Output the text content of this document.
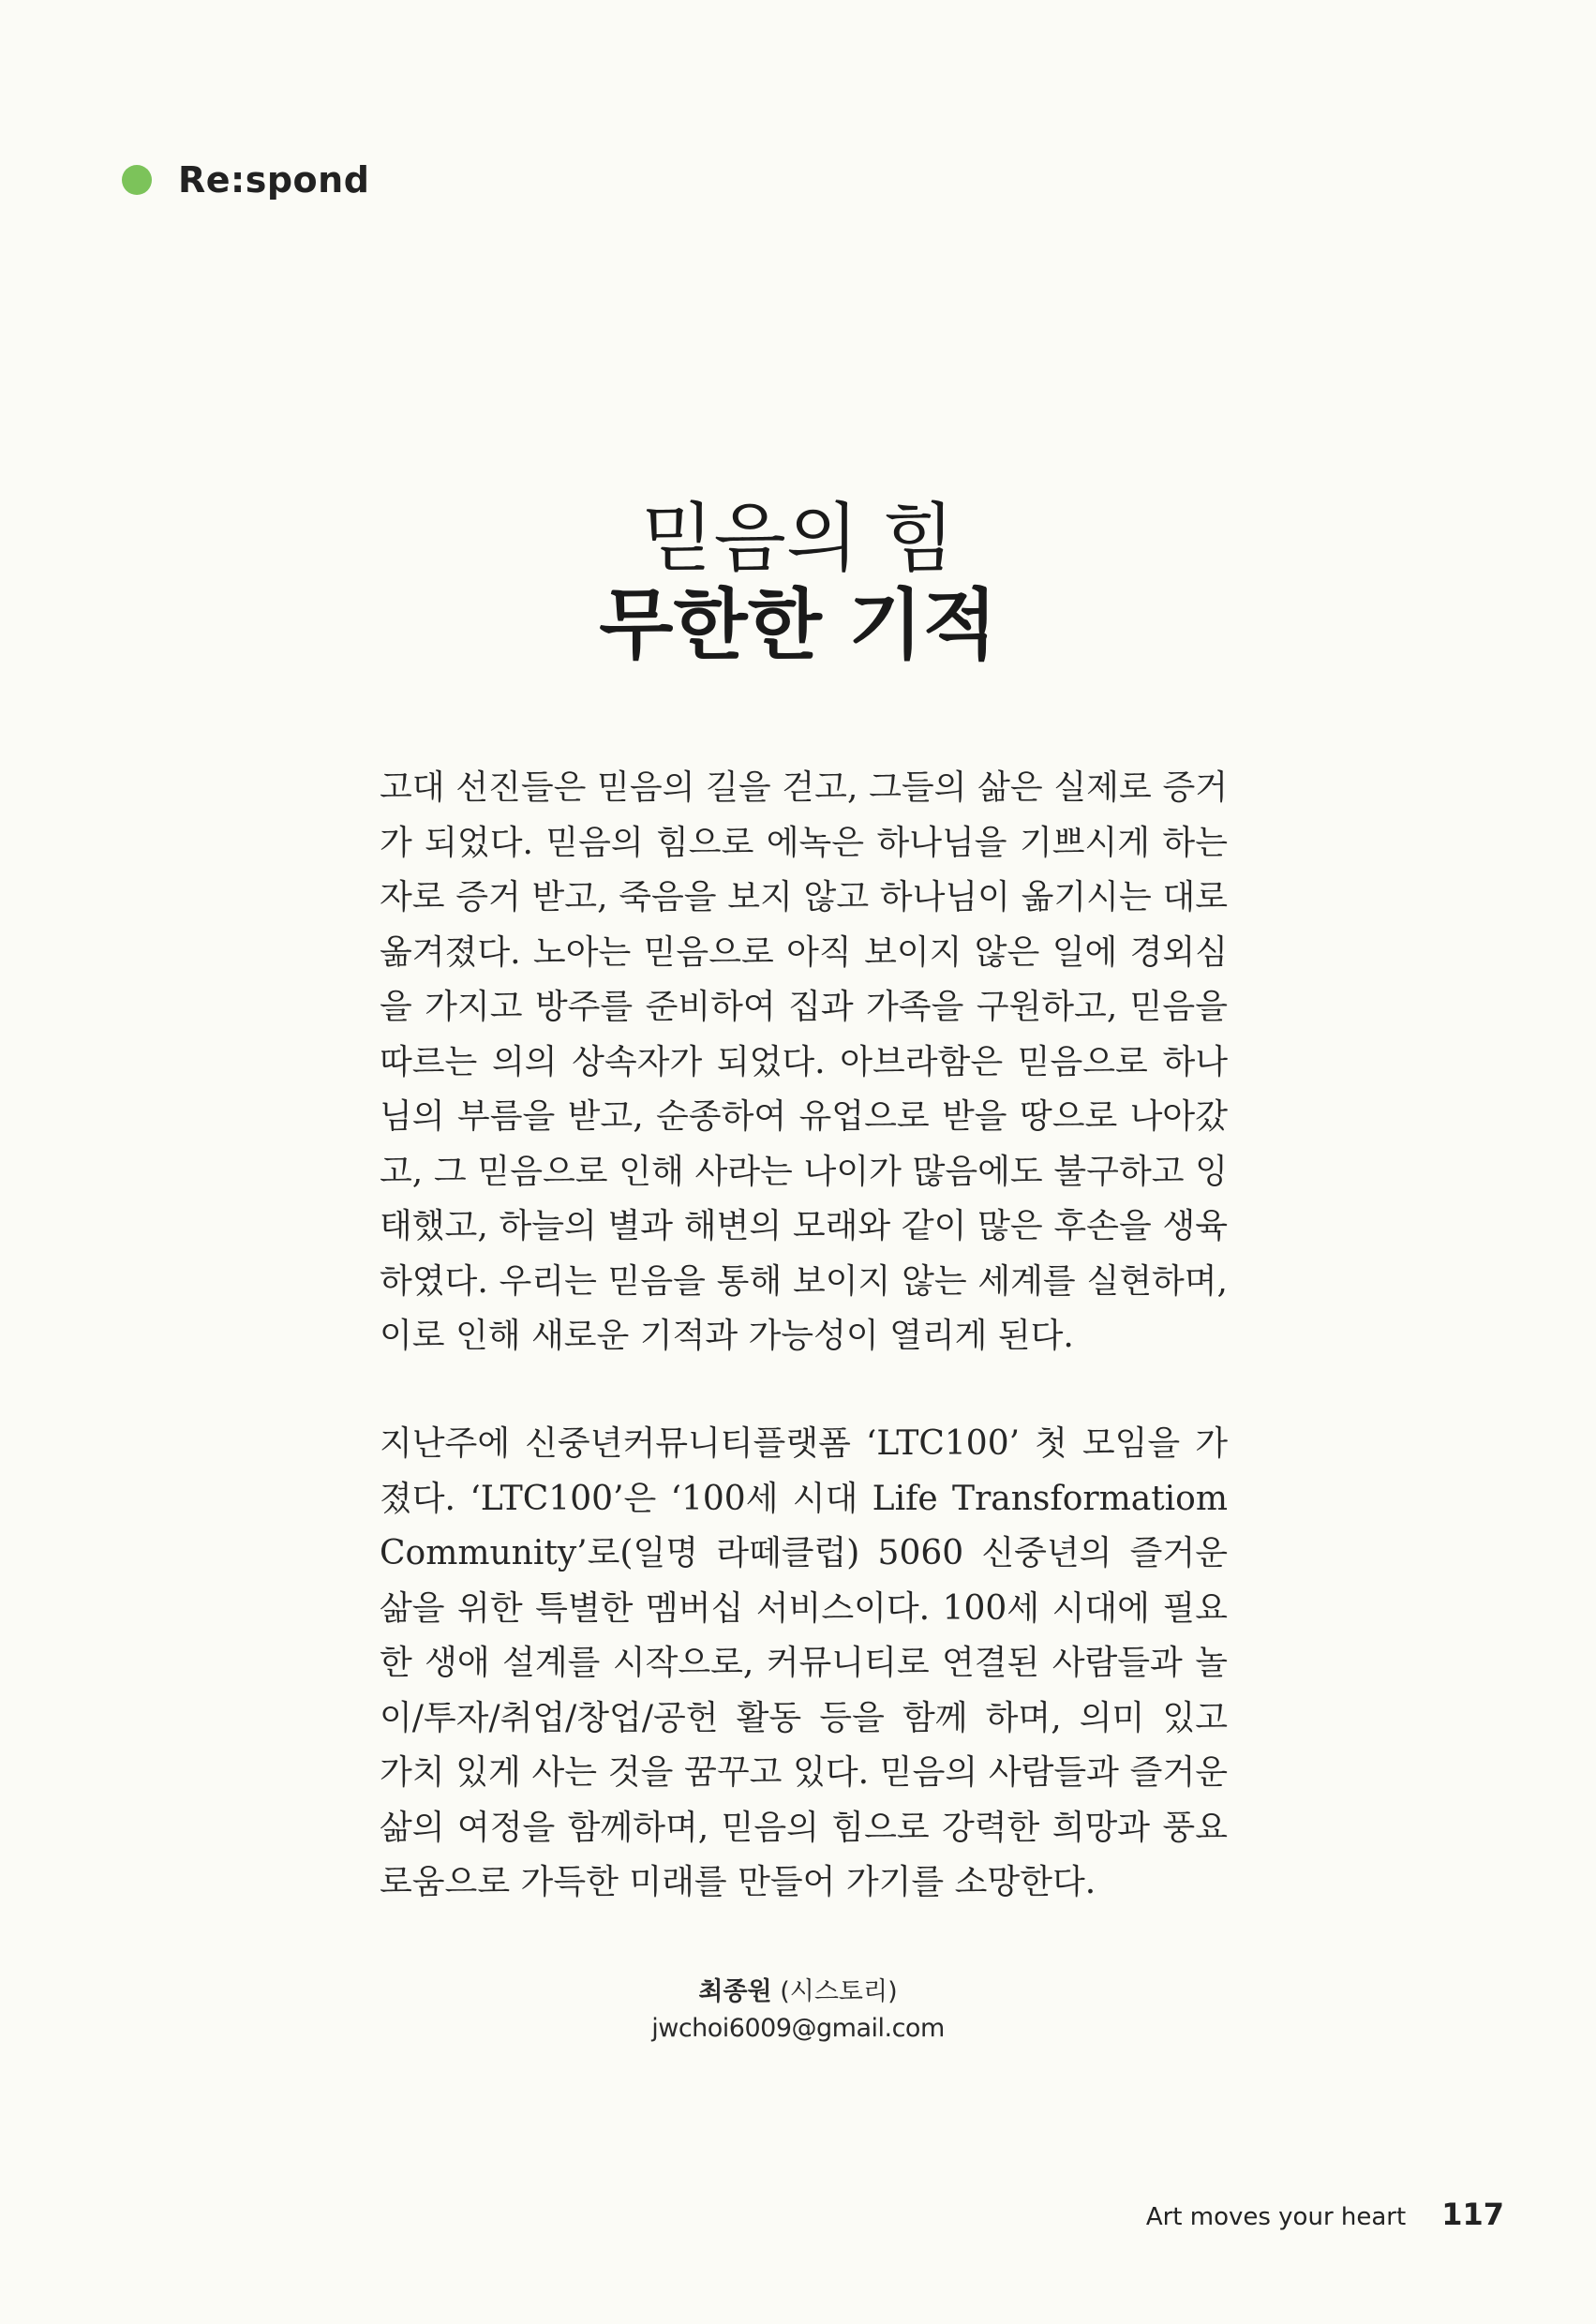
Re:spond
믿음의 힘
무한한 기적

고대 선진들은 믿음의 길을 걷고, 그들의 삶은 실제로 증거가 되었다. 믿음의 힘으로 에녹은 하나님을 기쁘시게 하는 자로 증거 받고, 죽음을 보지 않고 하나님이 옮기시는 대로 옮겨졌다. 노아는 믿음으로 아직 보이지 않은 일에 경외심을 가지고 방주를 준비하여 집과 가족을 구원하고, 믿음을 따르는 의의 상속자가 되었다. 아브라함은 믿음으로 하나님의 부름을 받고, 순종하여 유업으로 받을 땅으로 나아갔고, 그 믿음으로 인해 사라는 나이가 많음에도 불구하고 잉태했고, 하늘의 별과 해변의 모래와 같이 많은 후손을 생육하였다. 우리는 믿음을 통해 보이지 않는 세계를 실현하며, 이로 인해 새로운 기적과 가능성이 열리게 된다.

지난주에 신중년커뮤니티플랫폼 ‘LTC100’ 첫 모임을 가졌다. ‘LTC100’은 ‘100세 시대 Life Transformatiom Community’로(일명 라떼클럽) 5060 신중년의 즐거운 삶을 위한 특별한 멤버십 서비스이다. 100세 시대에 필요한 생애 설계를 시작으로, 커뮤니티로 연결된 사람들과 놀이/투자/취업/창업/공헌 활동 등을 함께 하며, 의미 있고 가치 있게 사는 것을 꿈꾸고 있다. 믿음의 사람들과 즐거운 삶의 여정을 함께하며, 믿음의 힘으로 강력한 희망과 풍요로움으로 가득한 미래를 만들어 가기를 소망한다.

최종원 (시스토리)
jwchoi6009@gmail.com
Art moves your heart 117
